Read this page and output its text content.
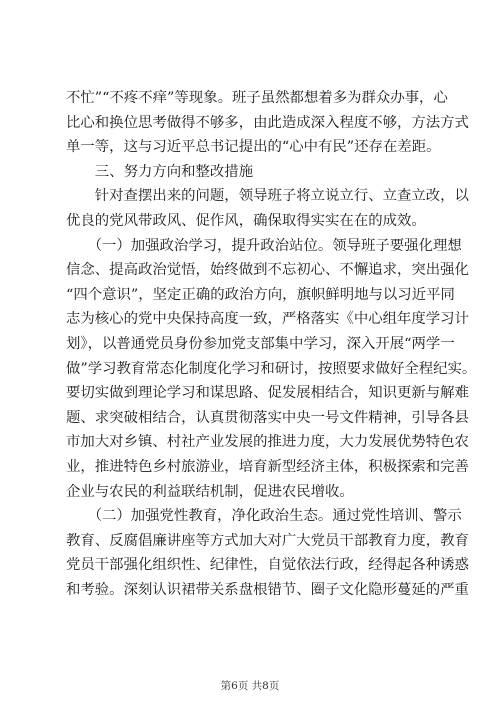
不忙”“不疼不痒”等现象。班子虽然都想着多为群众办事，心
比心和换位思考做得不够多，由此造成深入程度不够，方法方式
单一等，这与习近平总书记提出的“心中有民”还存在差距。
　　三、努力方向和整改措施
　　针对查摆出来的问题，领导班子将立说立行、立查立改，以
优良的党风带政风、促作风，确保取得实实在在的成效。
　　（一）加强政治学习，提升政治站位。领导班子要强化理想
信念、提高政治觉悟，始终做到不忘初心、不懈追求，突出强化
“四个意识”，坚定正确的政治方向，旗帜鲜明地与以习近平同
志为核心的党中央保持高度一致，严格落实《中心组年度学习计
划》，以普通党员身份参加党支部集中学习，深入开展“两学一
做”学习教育常态化制度化学习和研讨，按照要求做好全程纪实。
要切实做到理论学习和谋思路、促发展相结合，知识更新与解难
题、求突破相结合，认真贯彻落实中央一号文件精神，引导各县
市加大对乡镇、村社产业发展的推进力度，大力发展优势特色农
业，推进特色乡村旅游业，培育新型经济主体，积极探索和完善
企业与农民的利益联结机制，促进农民增收。
　　（二）加强党性教育，净化政治生态。通过党性培训、警示
教育、反腐倡廉讲座等方式加大对广大党员干部教育力度，教育
党员干部强化组织性、纪律性，自觉依法行政，经得起各种诱惑
和考验。深刻认识裙带关系盘根错节、圈子文化隐形蔓延的严重
第6页 共8页
